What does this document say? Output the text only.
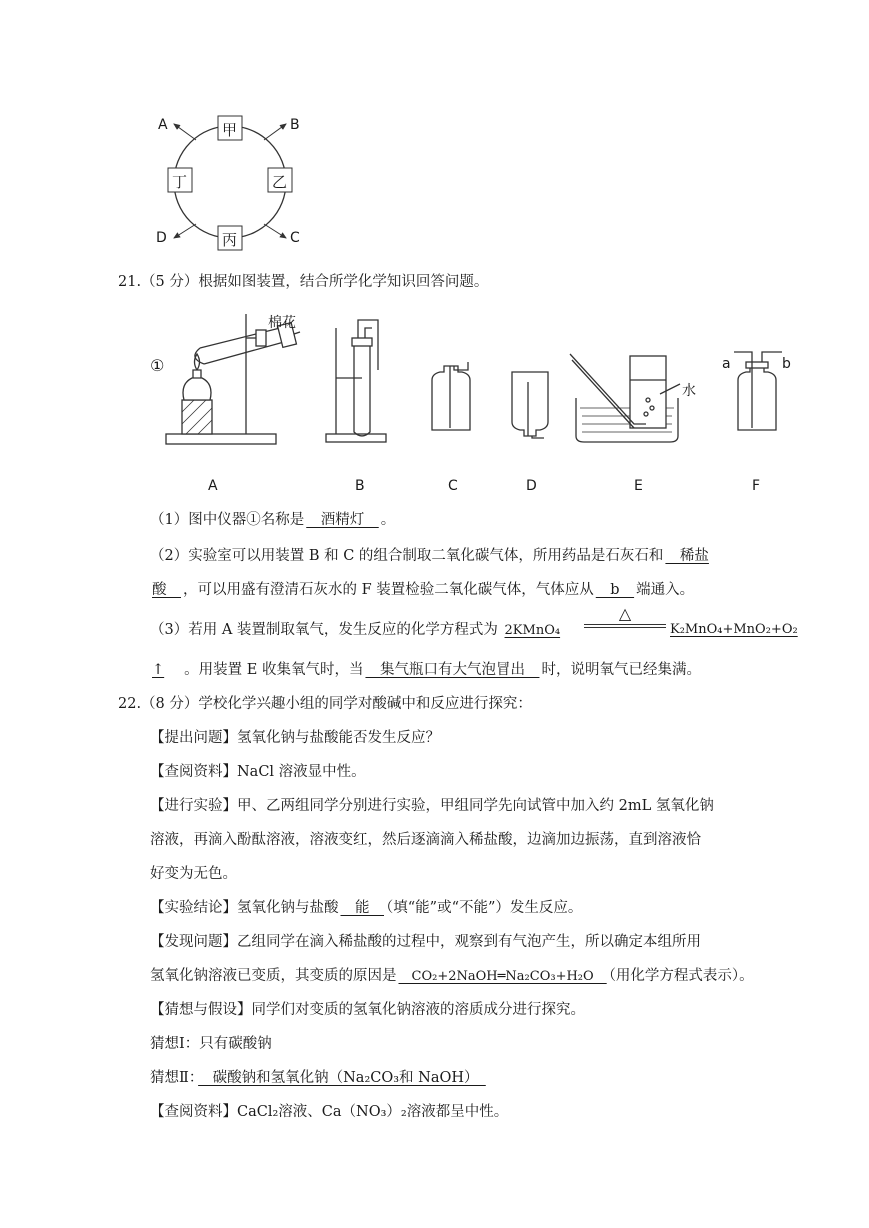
甲
乙
丙
丁
A	B
C
D
21.（5 分）根据如图装置，结合所学化学知识回答问题。
棉花
①
水
a	b
A	B	C	D	E	F
（1）图中仪器①名称是　酒精灯　。
（2）实验室可以用装置 B 和 C 的组合制取二氧化碳气体，所用药品是石灰石和　稀盐
酸　，可以用盛有澄清石灰水的 F 装置检验二氧化碳气体，气体应从　b　端通入。
（3）若用 A 装置制取氧气，发生反应的化学方程式为 2KMnO₄
△
K₂MnO₄+MnO₂+O₂
↑ 。用装置 E 收集氧气时，当　集气瓶口有大气泡冒出　时，说明氧气已经集满。
22.（8 分）学校化学兴趣小组的同学对酸碱中和反应进行探究：
【提出问题】氢氧化钠与盐酸能否发生反应？
【查阅资料】NaCl 溶液显中性。
【进行实验】甲、乙两组同学分别进行实验，甲组同学先向试管中加入约 2mL 氢氧化钠
溶液，再滴入酚酞溶液，溶液变红，然后逐滴滴入稀盐酸，边滴加边振荡，直到溶液恰
好变为无色。
【实验结论】氢氧化钠与盐酸　能　（填“能”或“不能”）发生反应。
【发现问题】乙组同学在滴入稀盐酸的过程中，观察到有气泡产生，所以确定本组所用
氢氧化钠溶液已变质，其变质的原因是　CO₂+2NaOH═Na₂CO₃+H₂O　（用化学方程式表示）。
【猜想与假设】同学们对变质的氢氧化钠溶液的溶质成分进行探究。
猜想Ⅰ：只有碳酸钠
猜想Ⅱ：　碳酸钠和氢氧化钠（Na₂CO₃和 NaOH）　
【查阅资料】CaCl₂溶液、Ca（NO₃）₂溶液都呈中性。
